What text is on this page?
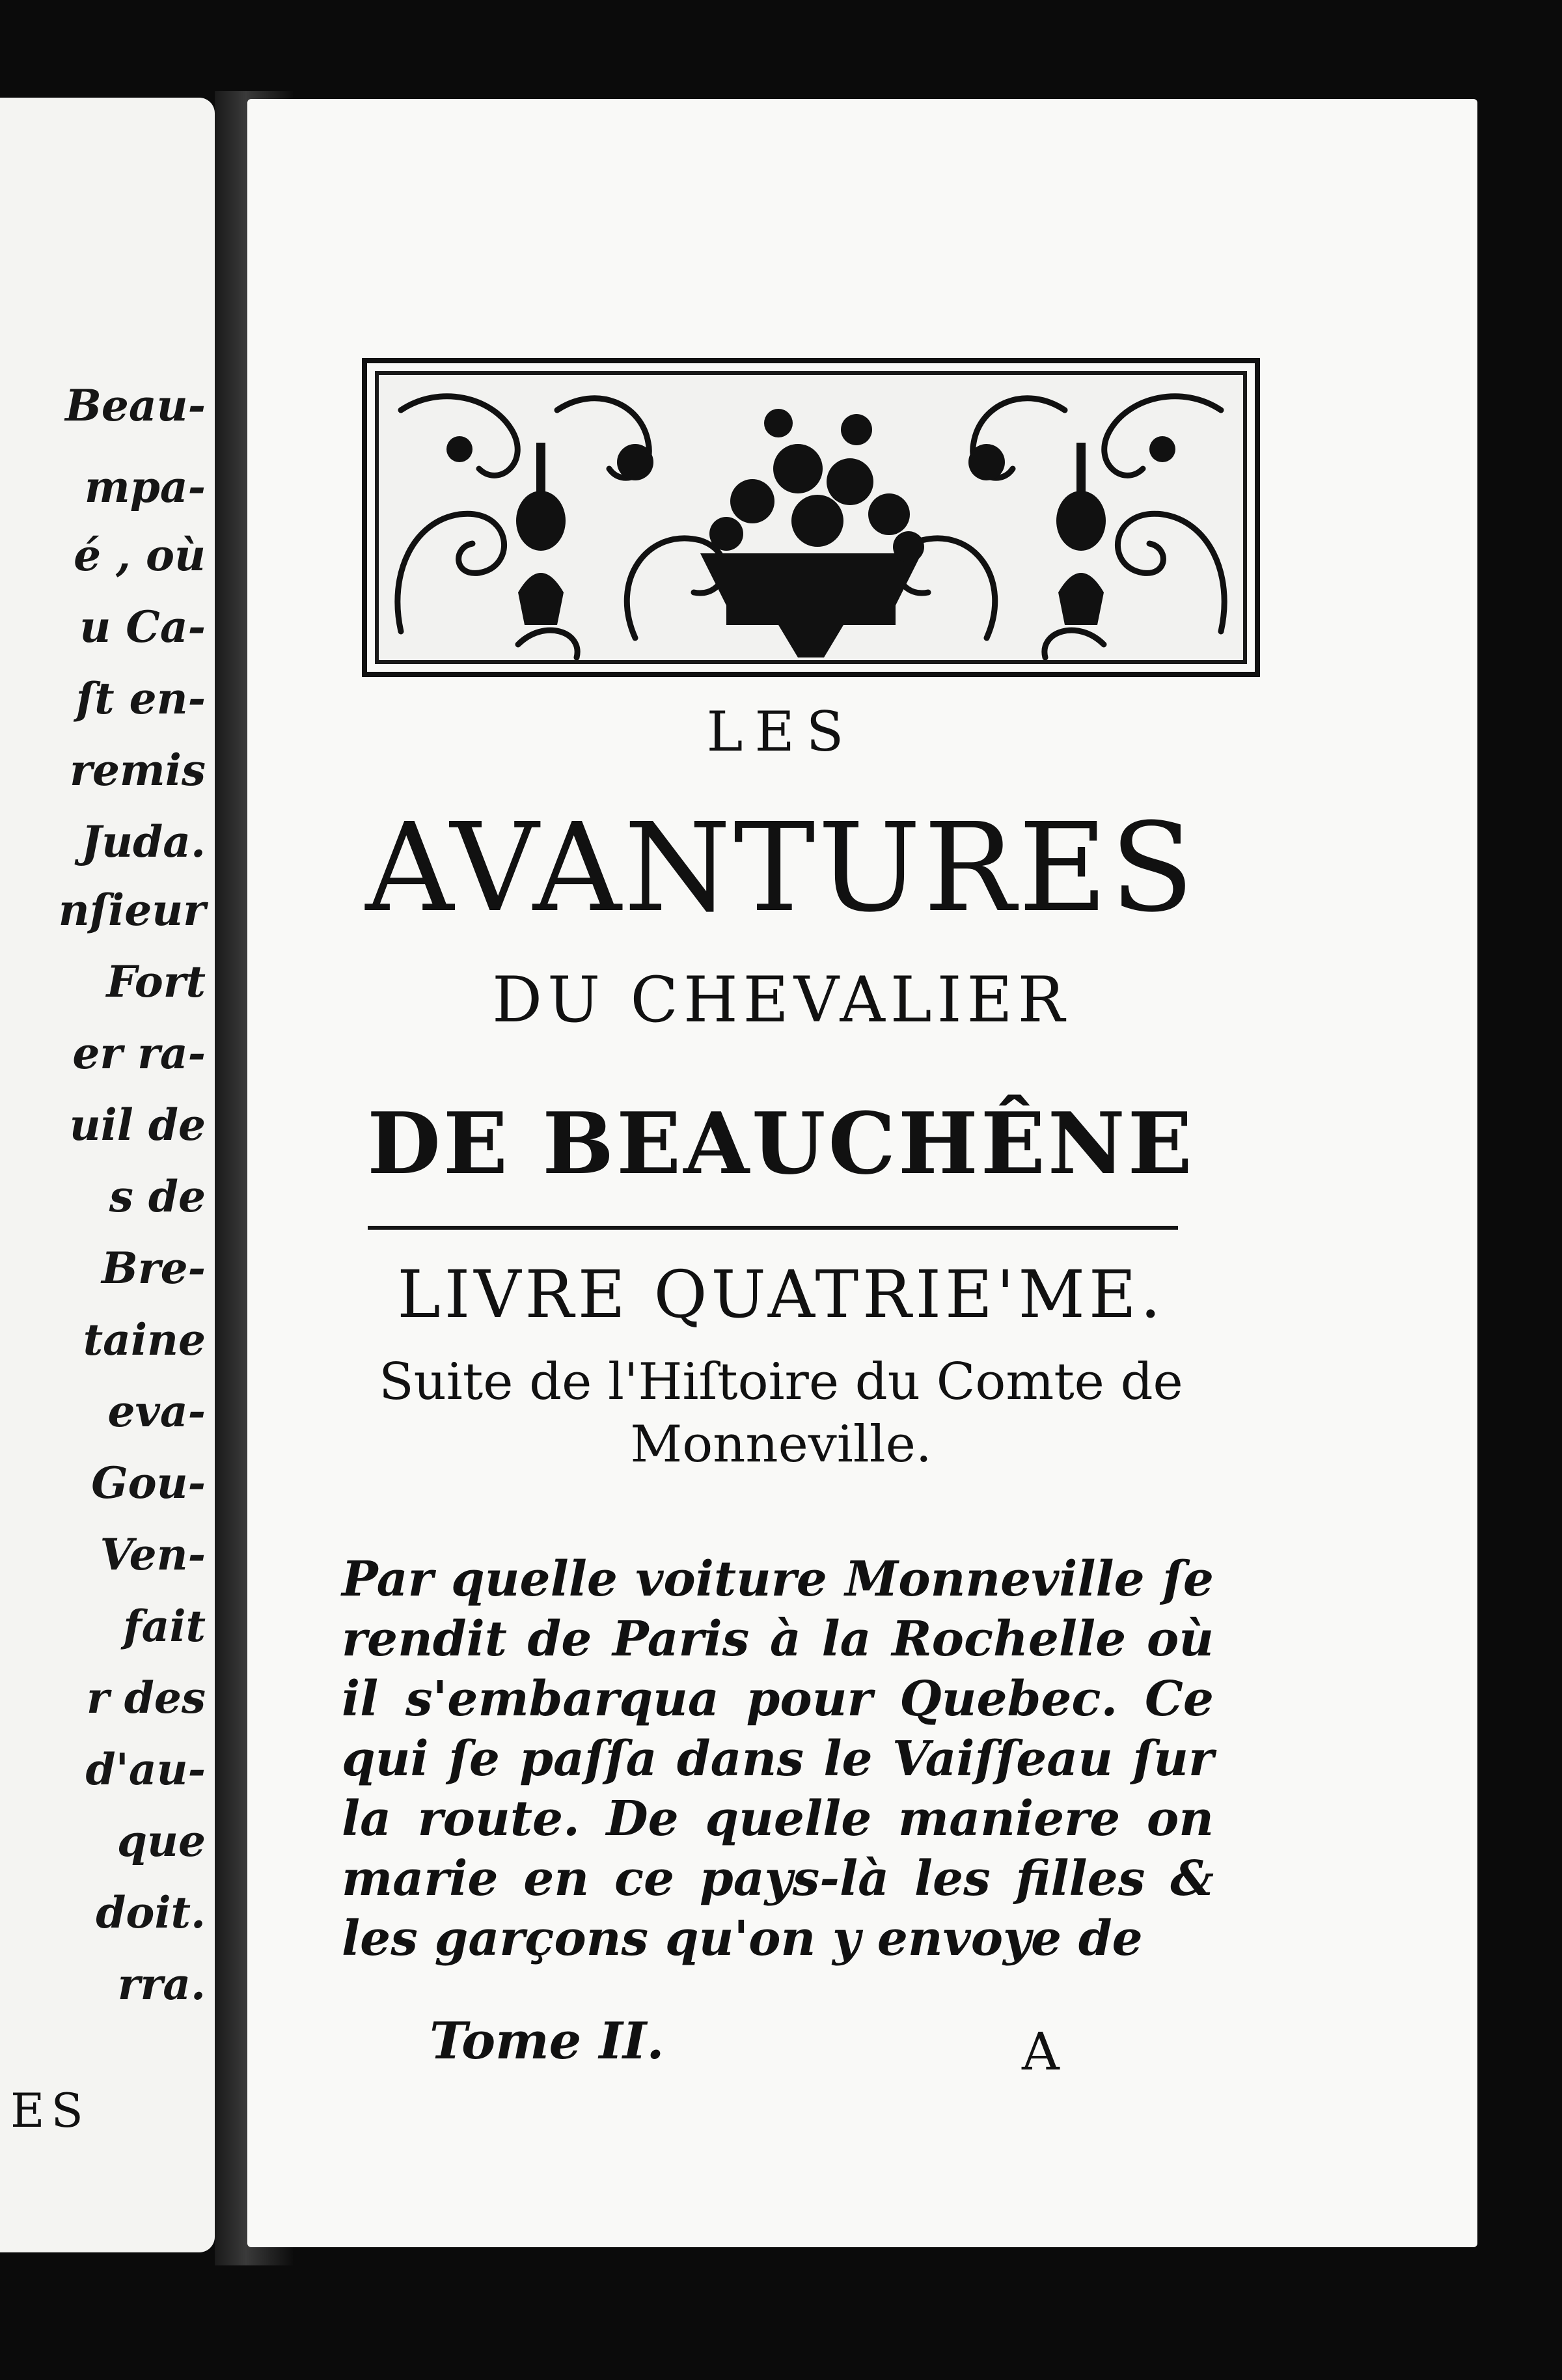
Beau-
mpa-
é , où
u Ca-
ſt en-
remis
Juda.
nſieur
Fort
er ra-
uil de
s de
Bre-
taine
eva-
Gou-
Ven-
fait
r des
d'au-
que
doit.
rra.
ES
LES
AVANTURES
DU CHEVALIER
DE BEAUCHÊNE
LIVRE QUATRIE'ME.
Suite de l'Hiſtoire du Comte de
Monneville.
Par quelle voiture Monneville ſe rendit de Paris à la Rochelle où il s'embarqua pour Quebec. Ce qui ſe paſſa dans le Vaiſſeau ſur la route. De quelle maniere on marie en ce pays-là les filles & les garçons qu'on y envoye de
Tome II.	A
